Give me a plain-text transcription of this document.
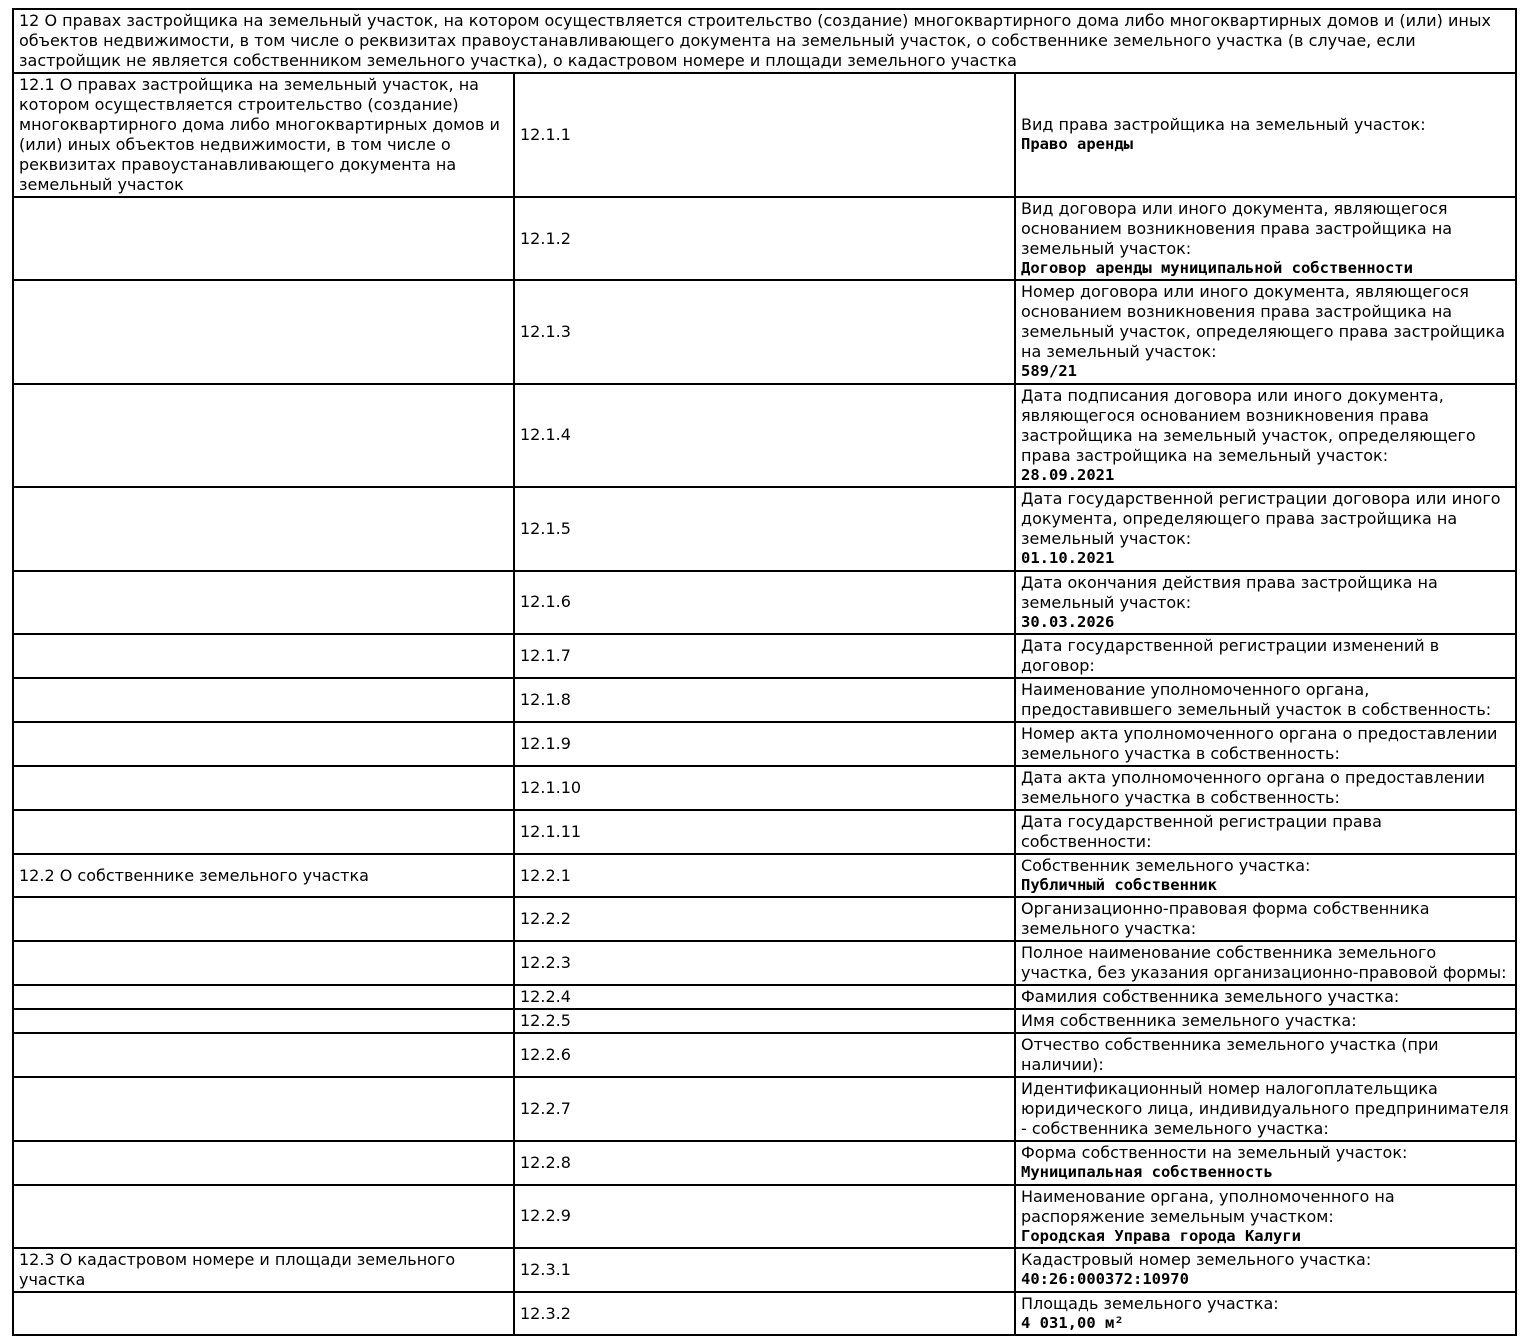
12 О правах застройщика на земельный участок, на котором осуществляется строительство (создание) многоквартирного дома либо многоквартирных домов и (или) иных объектов недвижимости, в том числе о реквизитах правоустанавливающего документа на земельный участок, о собственнике земельного участка (в случае, если застройщик не является собственником земельного участка), о кадастровом номере и площади земельного участка		
12.1 О правах застройщика на земельный участок, на котором осуществляется строительство (создание) многоквартирного дома либо многоквартирных домов и (или) иных объектов недвижимости, в том числе о реквизитах правоустанавливающего документа на земельный участок	12.1.1	Вид права застройщика на земельный участок:
Право аренды

	12.1.2	Вид договора или иного документа, являющегося основанием возникновения права застройщика на земельный участок:
Договор аренды муниципальной собственности

	12.1.3	Номер договора или иного документа, являющегося основанием возникновения права застройщика на земельный участок, определяющего права застройщика на земельный участок:
589/21

	12.1.4	Дата подписания договора или иного документа, являющегося основанием возникновения права застройщика на земельный участок, определяющего права застройщика на земельный участок:
28.09.2021

	12.1.5	Дата государственной регистрации договора или иного документа, определяющего права застройщика на земельный участок:
01.10.2021

	12.1.6	Дата окончания действия права застройщика на земельный участок:
30.03.2026

	12.1.7	Дата государственной регистрации изменений в договор:

	12.1.8	Наименование уполномоченного органа, предоставившего земельный участок в собственность:

	12.1.9	Номер акта уполномоченного органа о предоставлении земельного участка в собственность:

	12.1.10	Дата акта уполномоченного органа о предоставлении земельного участка в собственность:

	12.1.11	Дата государственной регистрации права собственности:

12.2 О собственнике земельного участка	12.2.1	Собственник земельного участка:
Публичный собственник

	12.2.2	Организационно-правовая форма собственника земельного участка:

	12.2.3	Полное наименование собственника земельного участка, без указания организационно-правовой формы:

	12.2.4	Фамилия собственника земельного участка:

	12.2.5	Имя собственника земельного участка:

	12.2.6	Отчество собственника земельного участка (при наличии):

	12.2.7	Идентификационный номер налогоплательщика юридического лица, индивидуального предпринимателя - собственника земельного участка:

	12.2.8	Форма собственности на земельный участок:
Муниципальная собственность

	12.2.9	Наименование органа, уполномоченного на распоряжение земельным участком:
Городская Управа города Калуги

12.3 О кадастровом номере и площади земельного участка	12.3.1	Кадастровый номер земельного участка:
40:26:000372:10970

	12.3.2	Площадь земельного участка:
4 031,00 м²
